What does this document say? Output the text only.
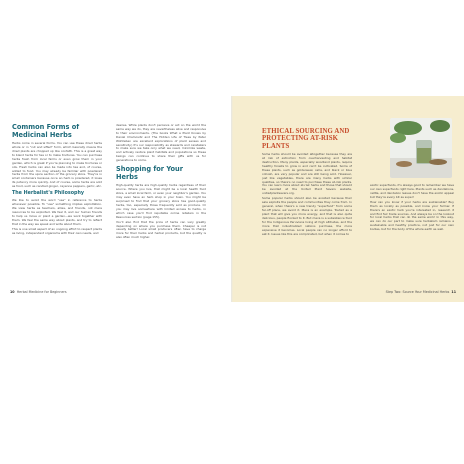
Common Forms of Medicinal Herbs

Herbs come in several forms. You can use these dried herbs whole or in "cut and sifted" form, which basically means the dried plants are chopped up like confetti. This is a great way to blend herbs for tea or to make tinctures. You can purchase herbs fresh from local farms or even grow them in your garden, which is great if you're planning to make tinctures or oils. Fresh herbs can also be made into tea and, of course, added to food. You may already be familiar with powdered herbs from the spice section of the grocery store. They're in small containers because once an herb is powdered, it loses its potency more quickly. And of course, some herbs are sold as food, such as candied ginger, cayenne peppers, garlic, etc.

The Herbalist's Philosophy

We like to avoid the word "use" in reference to herbs whenever possible. To "use" something implies exploitation. We view herbs as teachers, allies, and friends, not mere resources to be exploited. We feel it, and our human friends to help us move or plant a garden—we work together with them. We feel the same way about plants, and try to reflect that in the way we speak and write about them.

This is one small aspect of an ongoing effort to respect plants as living, independent organisms with their own needs, and

desires. While plants don't perceive or act on the world the same way we do, they are nevertheless alive and responsive to their environments. (The books What a Plant Knows by Daniel Chamovitz and The Hidden Life of Trees by Peter Wohlleben are excellent explorations of plant senses and sensitivity.) It's our responsibility as stewards and caretakers to make sure we take only what we need, minimize waste, and actively restore plant habitats and populations so these beings can continue to share their gifts with us for generations to come.

Shopping for Your Herbs

High-quality herbs are high-quality herbs regardless of their source. Where you live, that might be a local health food store, a small local farm, or even your neighbor's garden. You may even have an herb shop in your town. You might be surprised to find that your grocery store has good-quality herbs, too, especially those frequently sold as produce. Or you may live somewhere with limited access to herbs, in which case you'll find reputable online retailers in the Resources section (page 155).

You'll also find that the price of herbs can vary greatly depending on where you purchase them. Cheaper is not usually better! Local small producers often have to charge more for their herbs and herbal products, but the quality is also often much higher.

10 Herbal Medicine for Beginners
ETHICAL SOURCING AND PROTECTING AT-RISK PLANTS

Some herbs should be avoided altogether because they are at risk of extinction from overharvesting and habitat destruction. Many plants, especially woodland plants, require healthy forests to grow in and can't be cultivated. Some of these plants, such as goldenseal, osha, and black or blue cohosh, are very popular and are still being sold. However, just like vegetables, there are many herbs with similar qualities, so there's no need to purchase these at-risk plants. You can learn more about at-risk herbs and those that should be avoided at the United Plant Savers website, unitedplantsavers.org.

Some popular herbs should also be avoided because their sale exploits the people and communities they come from. In general, when there's a new trendy "superfood" from some far-off place, we avoid it. Maca is an example. Touted as a plant that will give you more energy, and that is also quite delicious, people flocked to it. But maca is a subsistence food for the Indigenous Peruvians living at high altitudes, and the more that industrialized nations purchase, the more expensive it becomes. Local people can no longer afford to eat it. Issues like this are complicated, but when it comes to

exotic superfoods, it's always good to remember we have our own superfoods right here. Plants such as dandelions, nettle, and dandelion leaves don't have the exotic appeal but they're every bit as super!

How can you know if your herbs are sustainable? Buy them as locally as possible, and know your farmer. If there's an exotic herb you're interested in, research it and find fair trade sources. And always be on the lookout for local herbs that can do the same work! In this way, we can do our part to make sure herbalism remains a sustainable and healthy practice, not just for our own bodies, but for the body of the whole earth as well.

Step Two: Source Your Medicinal Herbs 11
